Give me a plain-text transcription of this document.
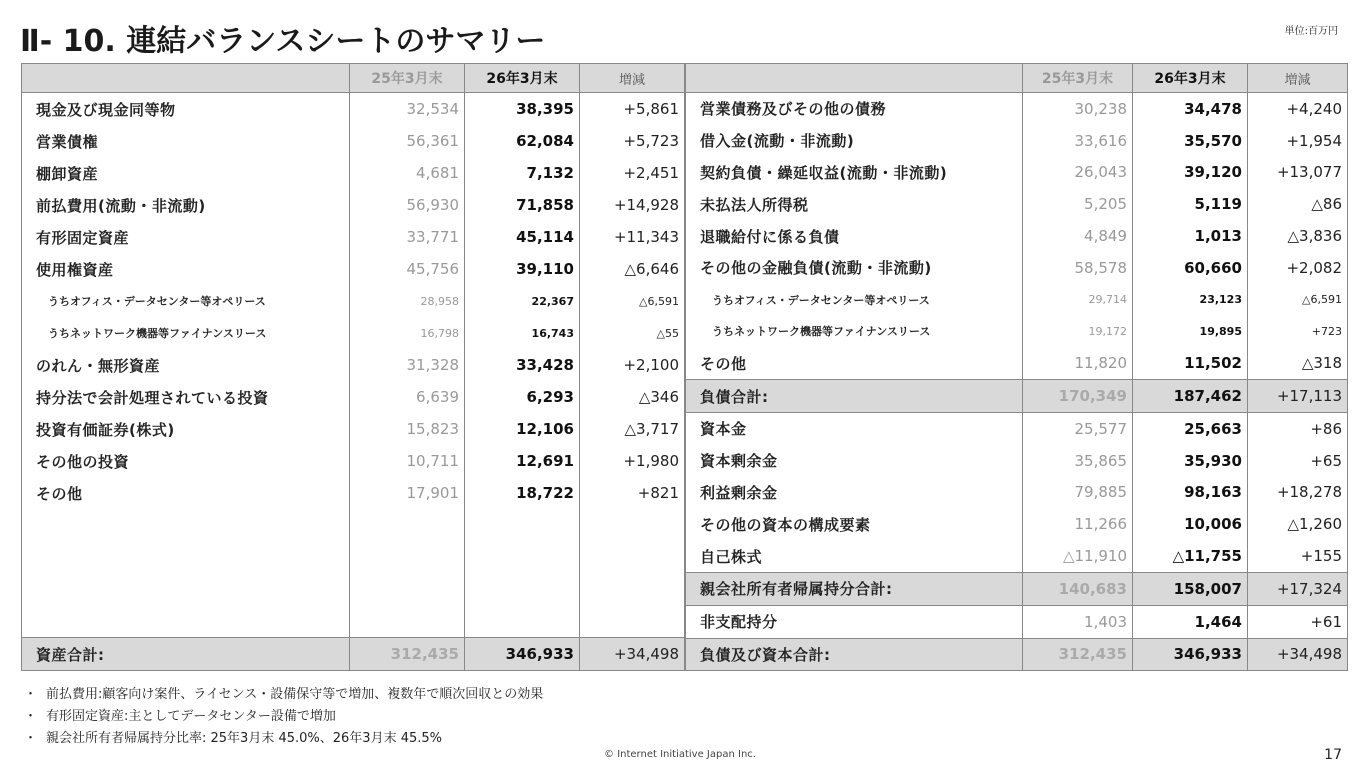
Ⅱ- 10. 連結バランスシートのサマリー	単位:百万円
	25年3月末	26年3月末	増減
現金及び現金同等物	32,534	38,395	+5,861
営業債権	56,361	62,084	+5,723
棚卸資産	4,681	7,132	+2,451
前払費用(流動・非流動)	56,930	71,858	+14,928
有形固定資産	33,771	45,114	+11,343
使用権資産	45,756	39,110	△6,646
うちオフィス・データセンター等オペリース	28,958	22,367	△6,591
うちネットワーク機器等ファイナンスリース	16,798	16,743	△55
のれん・無形資産	31,328	33,428	+2,100
持分法で会計処理されている投資	6,639	6,293	△346
投資有価証券(株式)	15,823	12,106	△3,717
その他の投資	10,711	12,691	+1,980
その他	17,901	18,722	+821

資産合計:	312,435	346,933	+34,498
	25年3月末	26年3月末	増減
営業債務及びその他の債務	30,238	34,478	+4,240
借入金(流動・非流動)	33,616	35,570	+1,954
契約負債・繰延収益(流動・非流動)	26,043	39,120	+13,077
未払法人所得税	5,205	5,119	△86
退職給付に係る負債	4,849	1,013	△3,836
その他の金融負債(流動・非流動)	58,578	60,660	+2,082
うちオフィス・データセンター等オペリース	29,714	23,123	△6,591
うちネットワーク機器等ファイナンスリース	19,172	19,895	+723
その他	11,820	11,502	△318
負債合計:	170,349	187,462	+17,113
資本金	25,577	25,663	+86
資本剰余金	35,865	35,930	+65
利益剰余金	79,885	98,163	+18,278
その他の資本の構成要素	11,266	10,006	△1,260
自己株式	△11,910	△11,755	+155
親会社所有者帰属持分合計:	140,683	158,007	+17,324
非支配持分	1,403	1,464	+61
負債及び資本合計:	312,435	346,933	+34,498
・ 前払費用:顧客向け案件、ライセンス・設備保守等で増加、複数年で順次回収との効果
・ 有形固定資産:主としてデータセンター設備で増加
・ 親会社所有者帰属持分比率: 25年3月末 45.0%、26年3月末 45.5%
© Internet Initiative Japan Inc.	17
